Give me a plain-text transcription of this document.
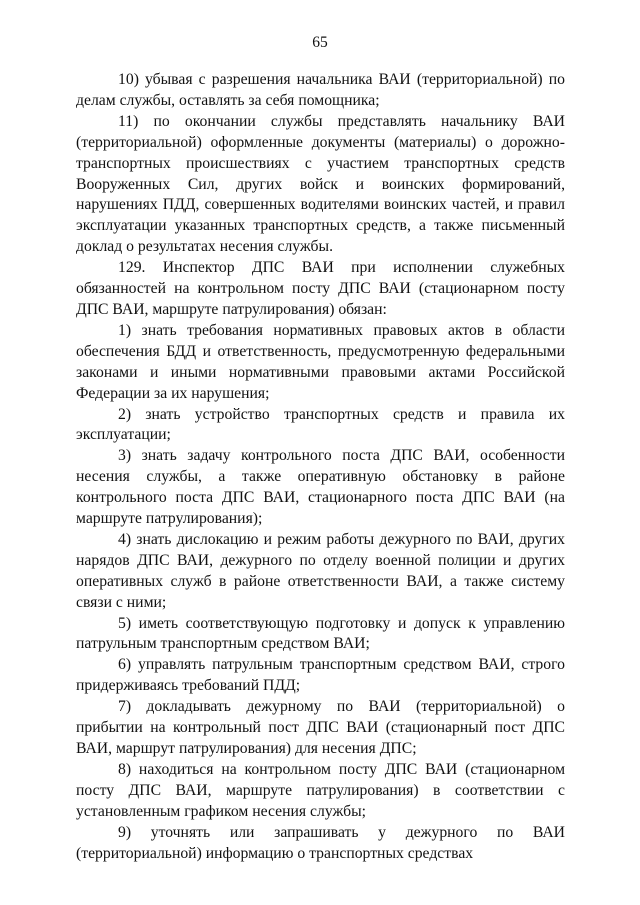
65

10) убывая с разрешения начальника ВАИ (территориальной) по делам службы, оставлять за себя помощника;

11) по окончании службы представлять начальнику ВАИ (территориальной) оформленные документы (материалы) о дорожно-транспортных происшествиях с участием транспортных средств Вооруженных Сил, других войск и воинских формирований, нарушениях ПДД, совершенных водителями воинских частей, и правил эксплуатации указанных транспортных средств, а также письменный доклад о результатах несения службы.

129. Инспектор ДПС ВАИ при исполнении служебных обязанностей на контрольном посту ДПС ВАИ (стационарном посту ДПС ВАИ, маршруте патрулирования) обязан:

1) знать требования нормативных правовых актов в области обеспечения БДД и ответственность, предусмотренную федеральными законами и иными нормативными правовыми актами Российской Федерации за их нарушения;

2) знать устройство транспортных средств и правила их эксплуатации;

3) знать задачу контрольного поста ДПС ВАИ, особенности несения службы, а также оперативную обстановку в районе контрольного поста ДПС ВАИ, стационарного поста ДПС ВАИ (на маршруте патрулирования);

4) знать дислокацию и режим работы дежурного по ВАИ, других нарядов ДПС ВАИ, дежурного по отделу военной полиции и других оперативных служб в районе ответственности ВАИ, а также систему связи с ними;

5) иметь соответствующую подготовку и допуск к управлению патрульным транспортным средством ВАИ;

6) управлять патрульным транспортным средством ВАИ, строго придерживаясь требований ПДД;

7) докладывать дежурному по ВАИ (территориальной) о прибытии на контрольный пост ДПС ВАИ (стационарный пост ДПС ВАИ, маршрут патрулирования) для несения ДПС;

8) находиться на контрольном посту ДПС ВАИ (стационарном посту ДПС ВАИ, маршруте патрулирования) в соответствии с установленным графиком несения службы;

9) уточнять или запрашивать у дежурного по ВАИ (территориальной) информацию о транспортных средствах
